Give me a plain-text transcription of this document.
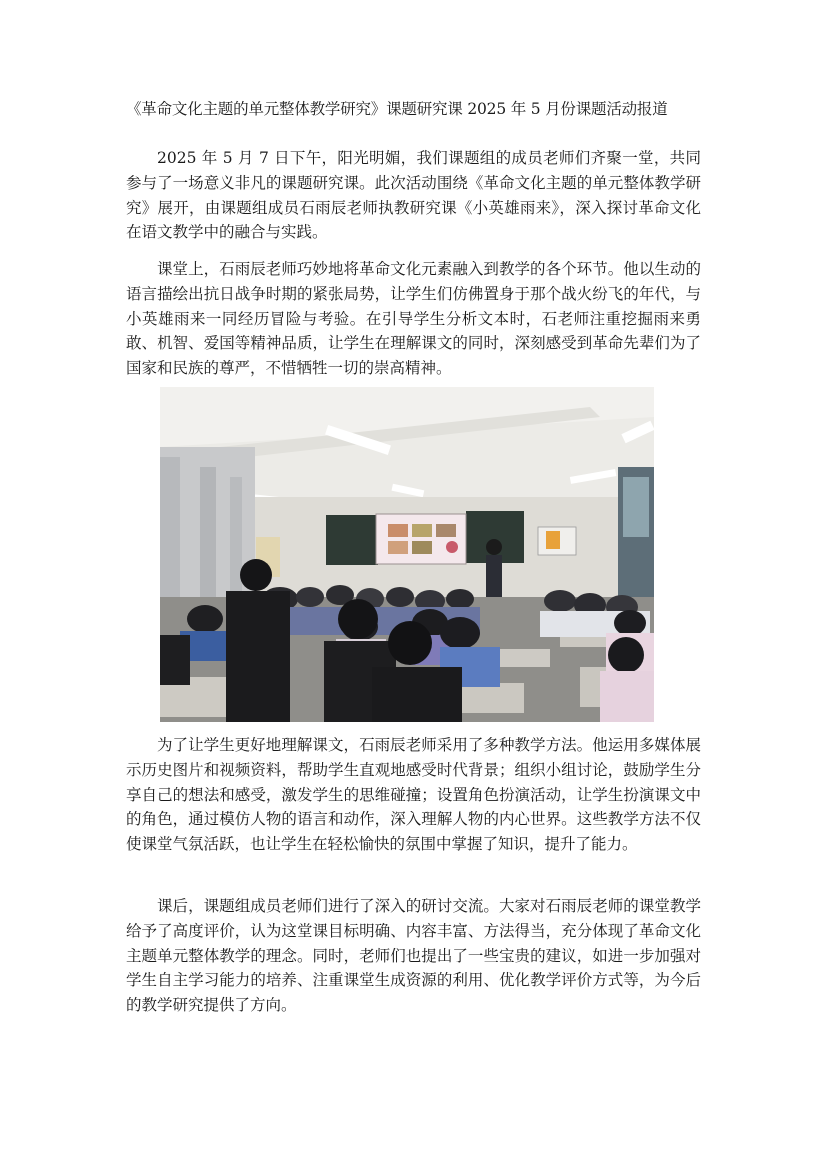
《革命文化主题的单元整体教学研究》课题研究课 2025 年 5 月份课题活动报道

2025 年 5 月 7 日下午，阳光明媚，我们课题组的成员老师们齐聚一堂，共同参与了一场意义非凡的课题研究课。此次活动围绕《革命文化主题的单元整体教学研究》展开，由课题组成员石雨辰老师执教研究课《小英雄雨来》，深入探讨革命文化在语文教学中的融合与实践。

课堂上，石雨辰老师巧妙地将革命文化元素融入到教学的各个环节。他以生动的语言描绘出抗日战争时期的紧张局势，让学生们仿佛置身于那个战火纷飞的年代，与小英雄雨来一同经历冒险与考验。在引导学生分析文本时，石老师注重挖掘雨来勇敢、机智、爱国等精神品质，让学生在理解课文的同时，深刻感受到革命先辈们为了国家和民族的尊严，不惜牺牲一切的崇高精神。

为了让学生更好地理解课文，石雨辰老师采用了多种教学方法。他运用多媒体展示历史图片和视频资料，帮助学生直观地感受时代背景；组织小组讨论，鼓励学生分享自己的想法和感受，激发学生的思维碰撞；设置角色扮演活动，让学生扮演课文中的角色，通过模仿人物的语言和动作，深入理解人物的内心世界。这些教学方法不仅使课堂气氛活跃，也让学生在轻松愉快的氛围中掌握了知识，提升了能力。

课后，课题组成员老师们进行了深入的研讨交流。大家对石雨辰老师的课堂教学给予了高度评价，认为这堂课目标明确、内容丰富、方法得当，充分体现了革命文化主题单元整体教学的理念。同时，老师们也提出了一些宝贵的建议，如进一步加强对学生自主学习能力的培养、注重课堂生成资源的利用、优化教学评价方式等，为今后的教学研究提供了方向。
